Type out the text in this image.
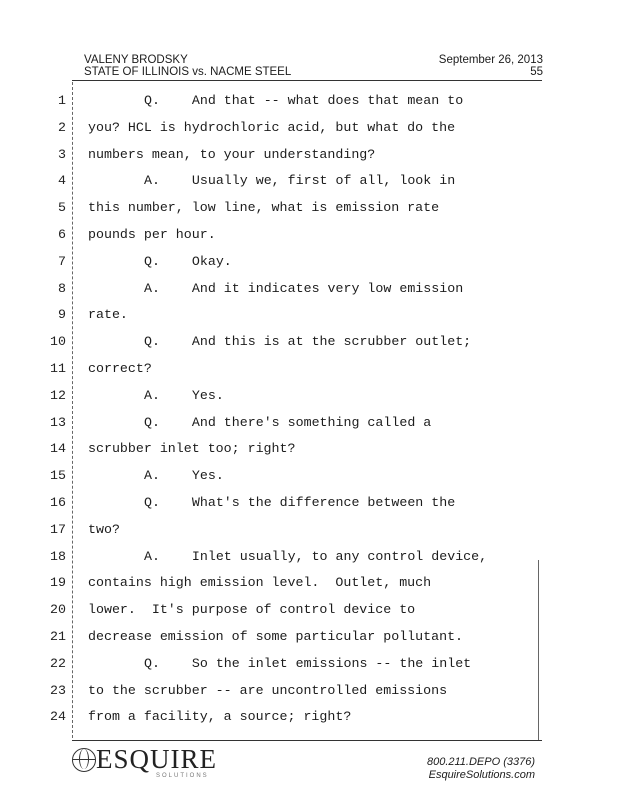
VALENY BRODSKY
STATE OF ILLINOIS vs. NACME STEEL
September 26, 2013
55
1	Q.    And that -- what does that mean to
2 you? HCL is hydrochloric acid, but what do the
3 numbers mean, to your understanding?
4	A.    Usually we, first of all, look in
5 this number, low line, what is emission rate
6 pounds per hour.
7	Q.    Okay.
8	A.    And it indicates very low emission
9 rate.
10	Q.    And this is at the scrubber outlet;
11 correct?
12	A.    Yes.
13	Q.    And there's something called a
14 scrubber inlet too; right?
15	A.    Yes.
16	Q.    What's the difference between the
17 two?
18	A.    Inlet usually, to any control device,
19 contains high emission level.  Outlet, much
20 lower.  It's purpose of control device to
21 decrease emission of some particular pollutant.
22	Q.    So the inlet emissions -- the inlet
23 to the scrubber -- are uncontrolled emissions
24 from a facility, a source; right?
ESQUIRE
SOLUTIONS
800.211.DEPO (3376)
EsquireSolutions.com
